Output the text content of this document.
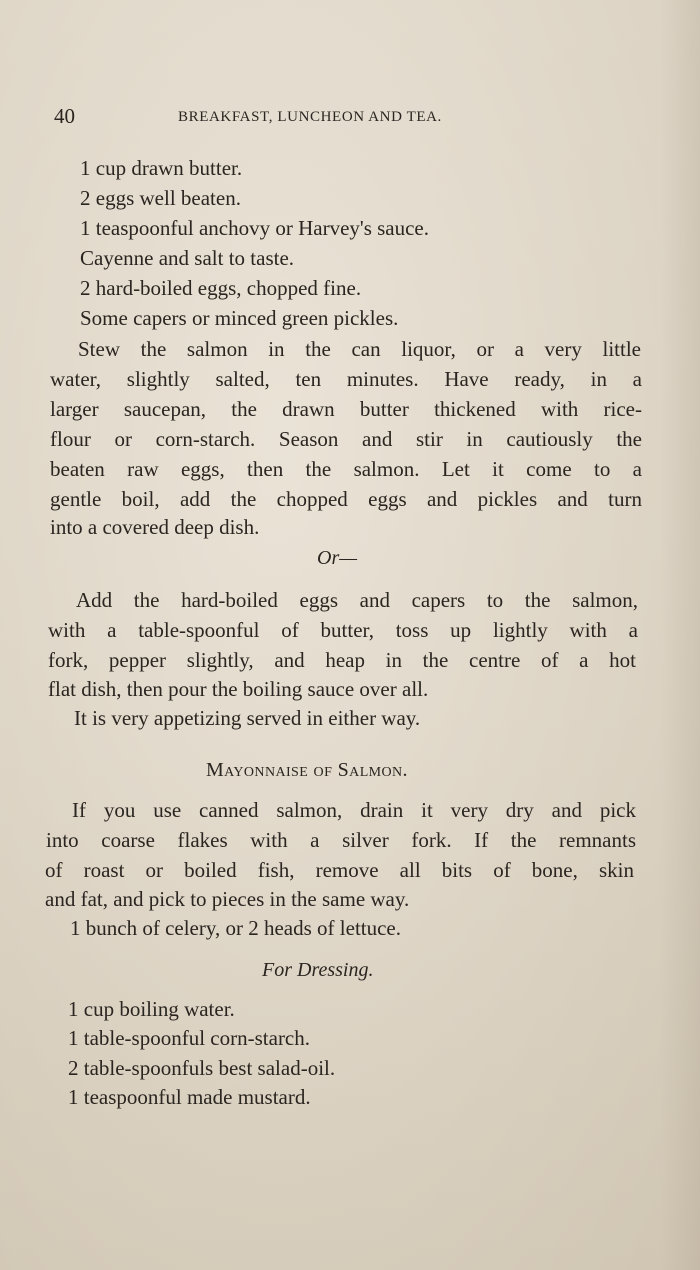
40	BREAKFAST, LUNCHEON AND TEA.
1 cup drawn butter.
2 eggs well beaten.
1 teaspoonful anchovy or Harvey's sauce.
Cayenne and salt to taste.
2 hard-boiled eggs, chopped fine.
Some capers or minced green pickles.
Stew the salmon in the can liquor, or a very little
water, slightly salted, ten minutes. Have ready, in a
larger saucepan, the drawn butter thickened with rice-
flour or corn-starch. Season and stir in cautiously the
beaten raw eggs, then the salmon. Let it come to a
gentle boil, add the chopped eggs and pickles and turn
into a covered deep dish.
Or—
Add the hard-boiled eggs and capers to the salmon,
with a table-spoonful of butter, toss up lightly with a
fork, pepper slightly, and heap in the centre of a hot
flat dish, then pour the boiling sauce over all.
It is very appetizing served in either way.
Mayonnaise of Salmon.
If you use canned salmon, drain it very dry and pick
into coarse flakes with a silver fork. If the remnants
of roast or boiled fish, remove all bits of bone, skin
and fat, and pick to pieces in the same way.
1 bunch of celery, or 2 heads of lettuce.
For Dressing.
1 cup boiling water.
1 table-spoonful corn-starch.
2 table-spoonfuls best salad-oil.
1 teaspoonful made mustard.
